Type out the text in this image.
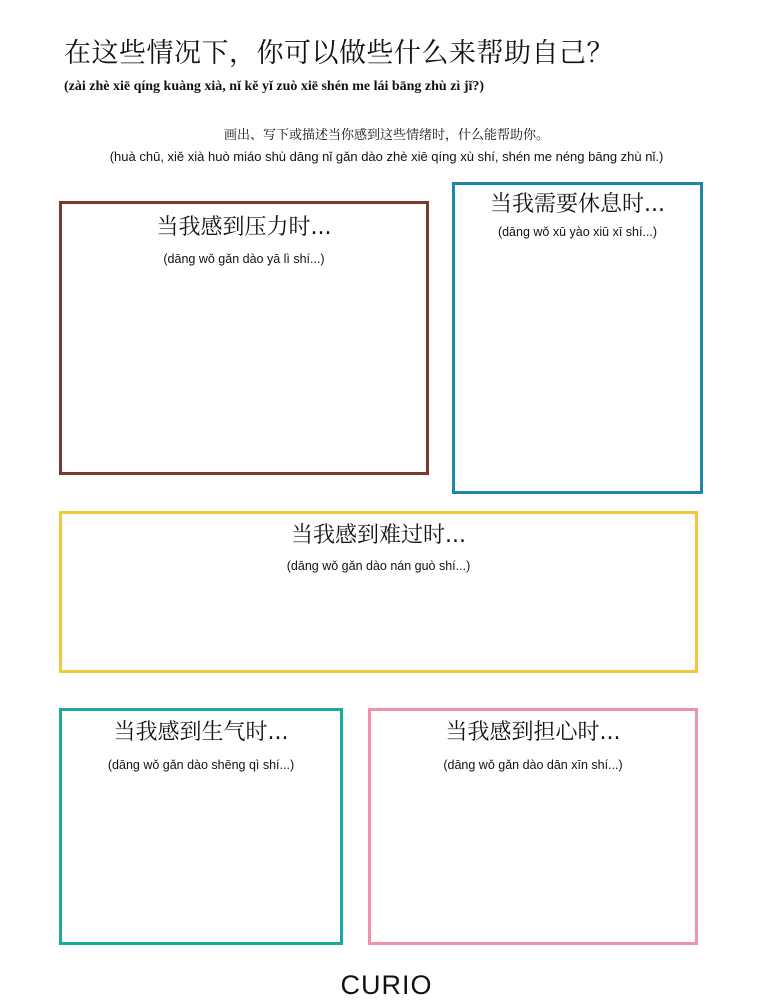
在这些情况下，你可以做些什么来帮助自己？
(zài zhè xiē qíng kuàng xià, nǐ kě yǐ zuò xiē shén me lái bāng zhù zì jǐ?)
画出、写下或描述当你感到这些情绪时，什么能帮助你。
(huà chū, xiě xià huò miáo shù dāng nǐ gǎn dào zhè xiē qíng xù shí, shén me néng bāng zhù nǐ.)
当我感到压力时...
(dāng wǒ gǎn dào yā lì shí...)
当我需要休息时...
(dāng wǒ xū yào xiū xī shí...)
当我感到难过时...
(dāng wǒ gǎn dào nán guò shí...)
当我感到生气时...
(dāng wǒ gǎn dào shēng qì shí...)
当我感到担心时...
(dāng wǒ gǎn dào dān xīn shí...)
CURIO
